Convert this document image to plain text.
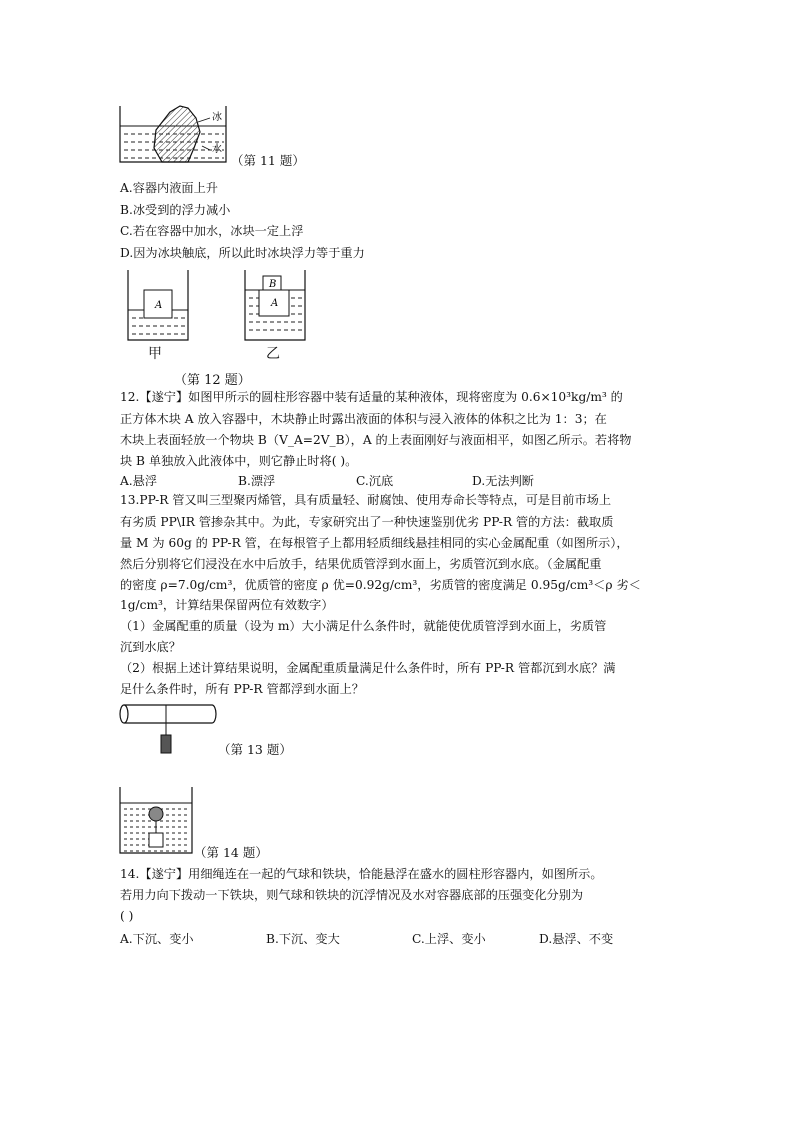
冰
水
（第 11 题）
A.容器内液面上升
B.冰受到的浮力减小
C.若在容器中加水，冰块一定上浮
D.因为冰块触底，所以此时冰块浮力等于重力
A
B
A
甲	乙
（第 12 题）
12.【遂宁】如图甲所示的圆柱形容器中装有适量的某种液体，现将密度为 0.6×10³kg/m³ 的
正方体木块 A 放入容器中，木块静止时露出液面的体积与浸入液体的体积之比为 1：3；在
木块上表面轻放一个物块 B（V_A=2V_B），A 的上表面刚好与液面相平，如图乙所示。若将物
块 B 单独放入此液体中，则它静止时将( )。
A.悬浮	B.漂浮	C.沉底	D.无法判断
13.PP-R 管又叫三型聚丙烯管，具有质量轻、耐腐蚀、使用寿命长等特点，可是目前市场上
有劣质 PP\IR 管掺杂其中。为此，专家研究出了一种快速鉴别优劣 PP-R 管的方法：截取质
量 M 为 60g 的 PP-R 管，在每根管子上都用轻质细线悬挂相同的实心金属配重（如图所示），
然后分别将它们浸没在水中后放手，结果优质管浮到水面上，劣质管沉到水底。（金属配重
的密度 ρ=7.0g/cm³，优质管的密度 ρ 优=0.92g/cm³，劣质管的密度满足 0.95g/cm³＜ρ 劣＜
1g/cm³，计算结果保留两位有效数字）
（1）金属配重的质量（设为 m）大小满足什么条件时，就能使优质管浮到水面上，劣质管
沉到水底？
（2）根据上述计算结果说明，金属配重质量满足什么条件时，所有 PP-R 管都沉到水底？满
足什么条件时，所有 PP-R 管都浮到水面上？
（第 13 题）
（第 14 题）
14.【遂宁】用细绳连在一起的气球和铁块，恰能悬浮在盛水的圆柱形容器内，如图所示。
若用力向下拨动一下铁块，则气球和铁块的沉浮情况及水对容器底部的压强变化分别为
( )
A.下沉、变小	B.下沉、变大	C.上浮、变小	D.悬浮、不变
